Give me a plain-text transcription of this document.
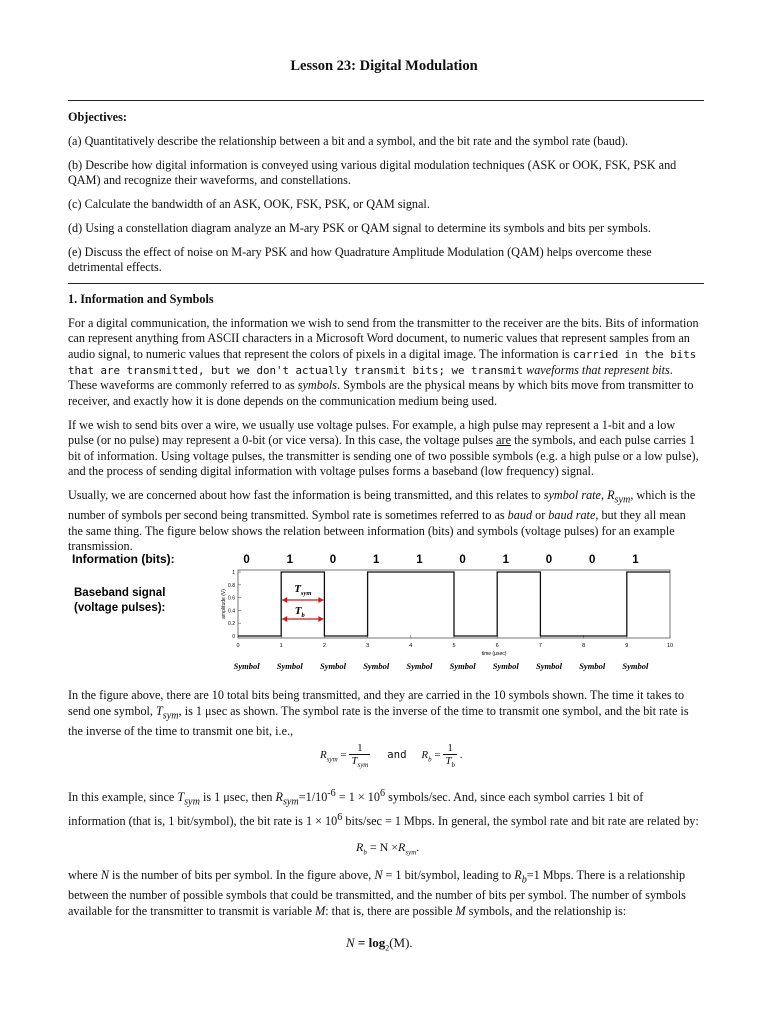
Lesson 23: Digital Modulation

Objectives:

(a) Quantitatively describe the relationship between a bit and a symbol, and the bit rate and the symbol rate (baud).

(b) Describe how digital information is conveyed using various digital modulation techniques (ASK or OOK, FSK, PSK and QAM) and recognize their waveforms, and constellations.

(c) Calculate the bandwidth of an ASK, OOK, FSK, PSK, or QAM signal.

(d) Using a constellation diagram analyze an M-ary PSK or QAM signal to determine its symbols and bits per symbols.

(e) Discuss the effect of noise on M-ary PSK and how Quadrature Amplitude Modulation (QAM) helps overcome these detrimental effects.

1. Information and Symbols

For a digital communication, the information we wish to send from the transmitter to the receiver are the bits. Bits of information can represent anything from ASCII characters in a Microsoft Word document, to numeric values that represent samples from an audio signal, to numeric values that represent the colors of pixels in a digital image. The information is carried in the bits that are transmitted, but we don't actually transmit bits; we transmit waveforms that represent bits. These waveforms are commonly referred to as symbols. Symbols are the physical means by which bits move from transmitter to receiver, and exactly how it is done depends on the communication medium being used.

If we wish to send bits over a wire, we usually use voltage pulses. For example, a high pulse may represent a 1-bit and a low pulse (or no pulse) may represent a 0-bit (or vice versa). In this case, the voltage pulses are the symbols, and each pulse carries 1 bit of information. Using voltage pulses, the transmitter is sending one of two possible symbols (e.g. a high pulse or a low pulse), and the process of sending digital information with voltage pulses forms a baseband (low frequency) signal.

Usually, we are concerned about how fast the information is being transmitted, and this relates to symbol rate, $R_{sym}$, which is the number of symbols per second being transmitted. Symbol rate is sometimes referred to as baud or baud rate, but they all mean the same thing. The figure below shows the relation between information (bits) and symbols (voltage pulses) for an example transmission.

Information (bits):
Baseband signal
(voltage pulses):
0	1	0	1	1	0	1	0	0	1
0
0.2
0.4
0.6
0.8
1
amplitude (V)
0	1	2	3	4	5	6	7	8	9	10
time (μsec)
$T_{sym}$
$T_b$
Symbol Symbol Symbol Symbol Symbol Symbol Symbol Symbol Symbol Symbol

In the figure above, there are 10 total bits being transmitted, and they are carried in the 10 symbols shown. The time it takes to send one symbol, $T_{sym}$, is 1 μsec as shown. The symbol rate is the inverse of the time to transmit one symbol, and the bit rate is the inverse of the time to transmit one bit, i.e.,

$R_{sym} = \frac{1}{T_{sym}}$ and $R_b = \frac{1}{T_b}$ .

In this example, since $T_{sym}$ is 1 μsec, then $R_{sym}=1/10^{-6} = 1 \times 10^6$ symbols/sec. And, since each symbol carries 1 bit of information (that is, 1 bit/symbol), the bit rate is $1 \times 10^6$ bits/sec = 1 Mbps. In general, the symbol rate and bit rate are related by:

$R_b = N \times R_{sym}$.

where N is the number of bits per symbol. In the figure above, N = 1 bit/symbol, leading to $R_b=1$ Mbps. There is a relationship between the number of possible symbols that could be transmitted, and the number of bits per symbol. The number of symbols available for the transmitter to transmit is variable M: that is, there are possible M symbols, and the relationship is:

$N = \log_2(M)$.
